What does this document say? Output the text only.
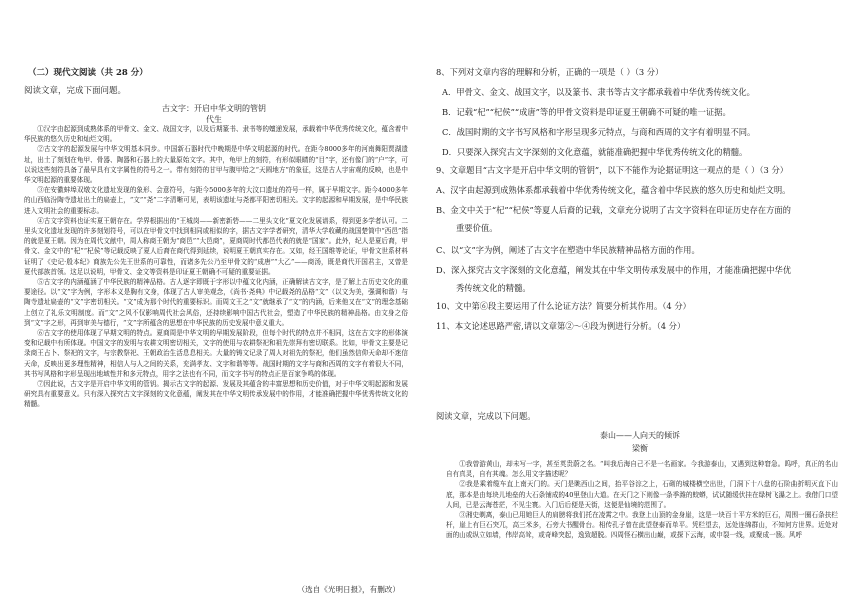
（二）现代文阅读（共 28 分）
阅读文章，完成下面问题。
古文字：开启中华文明的管钥
代生

①汉字由起源到成熟体系的甲骨文、金文、战国文字，以及后期篆书、隶书等的嬗递发展，承载着中华优秀传统文化，蕴含着中华民族的悠久历史和灿烂文明。

②古文字的起源发展与中华文明基本同步。中国新石器时代中晚期是中华文明起源的时代。在距今8000多年的河南舞阳贾湖遗址，出土了刻划在龟甲、骨器、陶器和石器上的大量原始文字。其中，龟甲上的刻符，有形似眼睛的“目”字，还有像门的“户”字，可以说这些刻符具备了最早具有文字属性的符号之一。带有刻符的甘甲与腹甲给之“天圆地方”的象征，这是古人宇宙观的反映，也是中华文明起源的重要体现。

③在安徽蚌埠双墩文化遗址发现的象形、会意符号，与距今5000多年的大汶口遗址的符号一样，属于早期文字。距今4000多年的山西临汾陶寺遗址出土的扁壶上，“文”“尧”二字清晰可见，表明该遗址与尧都平阳密切相关。文字的起源和早期发展，是中华民族进入文明社会的重要标志。

④古文字资料也证实夏王朝存在。学界根据出的“王城岗——新密新砦——二里头文化”夏文化发展谱系，得到更多学者认可。二里头文化遗址发现的许多刻划符号，可以在甲骨文中找到相同或相似的字，据古文字学者研究，清华大学收藏的战国楚简中“西邑”指的就是夏王朝。因为在周代文献中，周人称商王朝为“商邑”“大邑商”，夏商周时代都邑代表的就是“国家”。此外，纪人是夏后裔，甲骨文、金文中的“杞”“杞侯”等记载反映了夏人后裔在商代得到延续，说明夏王朝真实存在。又如，经王国维等论证，甲骨文世系材料证明了《史记·殷本纪》商族先公先王世系的可靠性，而诸多先公乃至甲骨文的“成唐”“大乙”——商汤，既是商代开国君主，又曾是夏代部族首领。这足以说明，甲骨文、金文等资料是印证夏王朝确不可疑的重要证据。

⑤古文字的内涵蕴涵了中华民族的精神品格。古人逐字即既于字形以中蕴文化内涵，正确解读古文字，是了解上古历史文化的重要途径。以“文”字为例，字形本义是胸有文身，体现了古人审美观念，《尚书·尧典》中记载尧的品格“文”（以文为美，强调和谐）与陶寺遗址扁壶的“文”字密切相关。“文”成为那个时代的重要标识。而周文王之“文”就继承了“文”的内涵，后来他又在“文”的理念基础上创立了礼乐文明制度。而“文”之风不仅影响周代社会风俗，还持续影响中国古代社会，塑造了中华民族的精神品格。由文身之俗到“文”字之形，再到审美与德行，“文”字所蕴含的思想在中华民族的历史发展中意义重大。

⑥古文字的使用体现了早期文明的特点。夏商周是中华文明的早期发展阶段，但每个时代的特点并不相同，这在古文字的形体演变和记载中有所体现。中国文字的发明与农耕文明密切相关，文字的使用与农耕祭祀和祖先崇拜有密切联系。比如，甲骨文主要是记录商王占卜、祭祀的文字，与宗教祭祀、王朝政治生活息息相关。大量的铸文记录了周人对祖先的祭祀，他们虽然信仰天命却不迷信天命，反映出更多理性精神，相信人与人之间的关系，充满孝友、文字和谐等等。战国时期的文字与商和西周的文字有着很大不同，其书写风格和字形呈现出地域性并和多元特点，用字之法也有不同，而文字书写的特点正是百家争鸣的体现。

⑦因此说，古文字是开启中华文明的管钥。揭示古文字的起源、发展及其蕴含的丰富思想和历史价值，对于中华文明起源和发展研究具有重要意义。只有深入探究古文字深刻的文化意蕴，阐发其在中华文明传承发展中的作用，才能准确把握中华优秀传统文化的精髓。

（选自《光明日报》，有删改）
8、下列对文章内容的理解和分析，正确的一项是（ ）（3 分）
A．甲骨文、金文、战国文字，以及篆书、隶书等古文字都承载着中华优秀传统文化。
B．记载“杞”“杞侯”“成唐”等的甲骨文资料是印证夏王朝确不可疑的唯一证据。
C．战国时期的文字书写风格和字形呈现多元特点，与商和西周的文字有着明显不同。
D．只要深入探究古文字深刻的文化意蕴，就能准确把握中华优秀传统文化的精髓。
9、文章题目“古文字是开启中华文明的管钥”，以下不能作为论据证明这一观点的是（ ）（3 分）
A、汉字由起源到成熟体系都承载着中华优秀传统文化，蕴含着中华民族的悠久历史和灿烂文明。
B、金文中关于“杞”“杞侯”等夏人后裔的记载，文章充分说明了古文字资料在印证历史存在方面的
重要价值。
C、以“文”字为例，阐述了古文字在塑造中华民族精神品格方面的作用。
D、深入探究古文字深刻的文化意蕴，阐发其在中华文明传承发展中的作用，才能准确把握中华优
秀传统文化的精髓。
10、文中第⑥段主要运用了什么论证方法？简要分析其作用。（4 分）
11、本文论述思路严密,请以文章第②～④段为例进行分析。（4 分）
阅读文章，完成以下问题。
泰山——人向天的倾诉
梁衡

①我曾游黄山，却未写一字，甚至英贵蔚之名。“叫我后海自己不是一名画家。今我游泰山，又遇到这种窘急。呜呼，真正的名山自有真灵，自有其魂。怎么用文字描述呢？

②我是乘着缆车直上南天门的。天门是眺西山之间，抬平谷淙之上，石砌的城楼横空出世，门洞下十八盘的石阶曲折明灭直下山底，那本是由每块儿地垒的大石条铺成的40里登山大道。在天门之下则像一条季潍的蛟蟒，试试随缓伏挂在绿树飞瀑之上。我借门口望人间，已是云海苍茫，不见尘寰。入门后后便是天街，这便是仙境的范围了。

③湘史剃离，泰山已用她巨人的肩膀将我们托在凌霄之中。我登上山顶的金身崖，这是一块百十平方米的巨石，周围一圈石条扶栏杆，崖上有巨石突兀，高三米多，石旁大书醒骨台。相传孔子曾在此望登泰而单平。凭栏望去，远处连绵群山，不知何方世界。近处对面的山或纵立如墙，伟岸高耸，或奇峰突起，逸致超脱。四周怪石横出山巅，或探下云海，或申裂一线，或聚成一簇。风呼
